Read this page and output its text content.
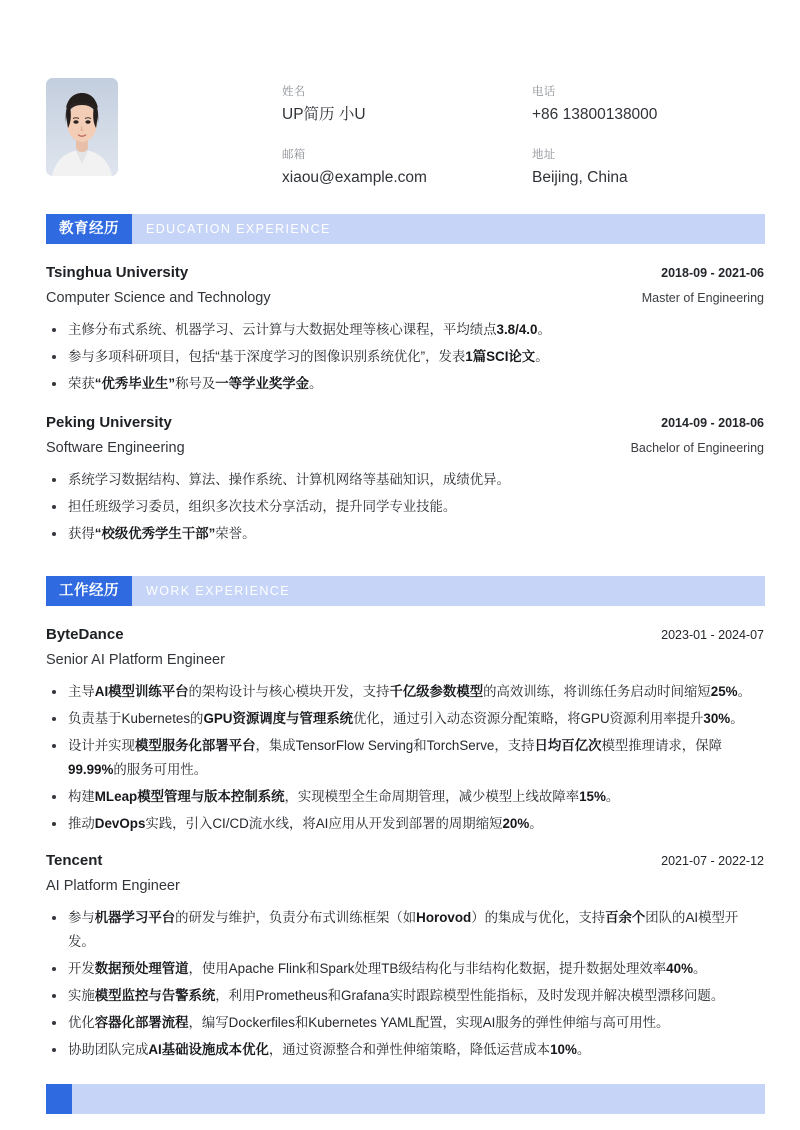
姓名
UP简历 小U
电话
+86 13800138000
邮箱
xiaou@example.com
地址
Beijing, China
教育经历	EDUCATION EXPERIENCE
Tsinghua University	2018-09 - 2021-06
Computer Science and Technology	Master of Engineering
主修分布式系统、机器学习、云计算与大数据处理等核心课程，平均绩点3.8/4.0。
参与多项科研项目，包括“基于深度学习的图像识别系统优化”，发表1篇SCI论文。
荣获“优秀毕业生”称号及一等学业奖学金。
Peking University	2014-09 - 2018-06
Software Engineering	Bachelor of Engineering
系统学习数据结构、算法、操作系统、计算机网络等基础知识，成绩优异。
担任班级学习委员，组织多次技术分享活动，提升同学专业技能。
获得“校级优秀学生干部”荣誉。
工作经历	WORK EXPERIENCE
ByteDance	2023-01 - 2024-07
Senior AI Platform Engineer
主导AI模型训练平台的架构设计与核心模块开发，支持千亿级参数模型的高效训练，将训练任务启动时间缩短25%。
负责基于Kubernetes的GPU资源调度与管理系统优化，通过引入动态资源分配策略，将GPU资源利用率提升30%。
设计并实现模型服务化部署平台，集成TensorFlow Serving和TorchServe，支持日均百亿次模型推理请求，保障99.99%的服务可用性。
构建MLeap模型管理与版本控制系统，实现模型全生命周期管理，减少模型上线故障率15%。
推动DevOps实践，引入CI/CD流水线，将AI应用从开发到部署的周期缩短20%。
Tencent	2021-07 - 2022-12
AI Platform Engineer
参与机器学习平台的研发与维护，负责分布式训练框架（如Horovod）的集成与优化，支持百余个团队的AI模型开发。
开发数据预处理管道，使用Apache Flink和Spark处理TB级结构化与非结构化数据，提升数据处理效率40%。
实施模型监控与告警系统，利用Prometheus和Grafana实时跟踪模型性能指标，及时发现并解决模型漂移问题。
优化容器化部署流程，编写Dockerfiles和Kubernetes YAML配置，实现AI服务的弹性伸缩与高可用性。
协助团队完成AI基础设施成本优化，通过资源整合和弹性伸缩策略，降低运营成本10%。
